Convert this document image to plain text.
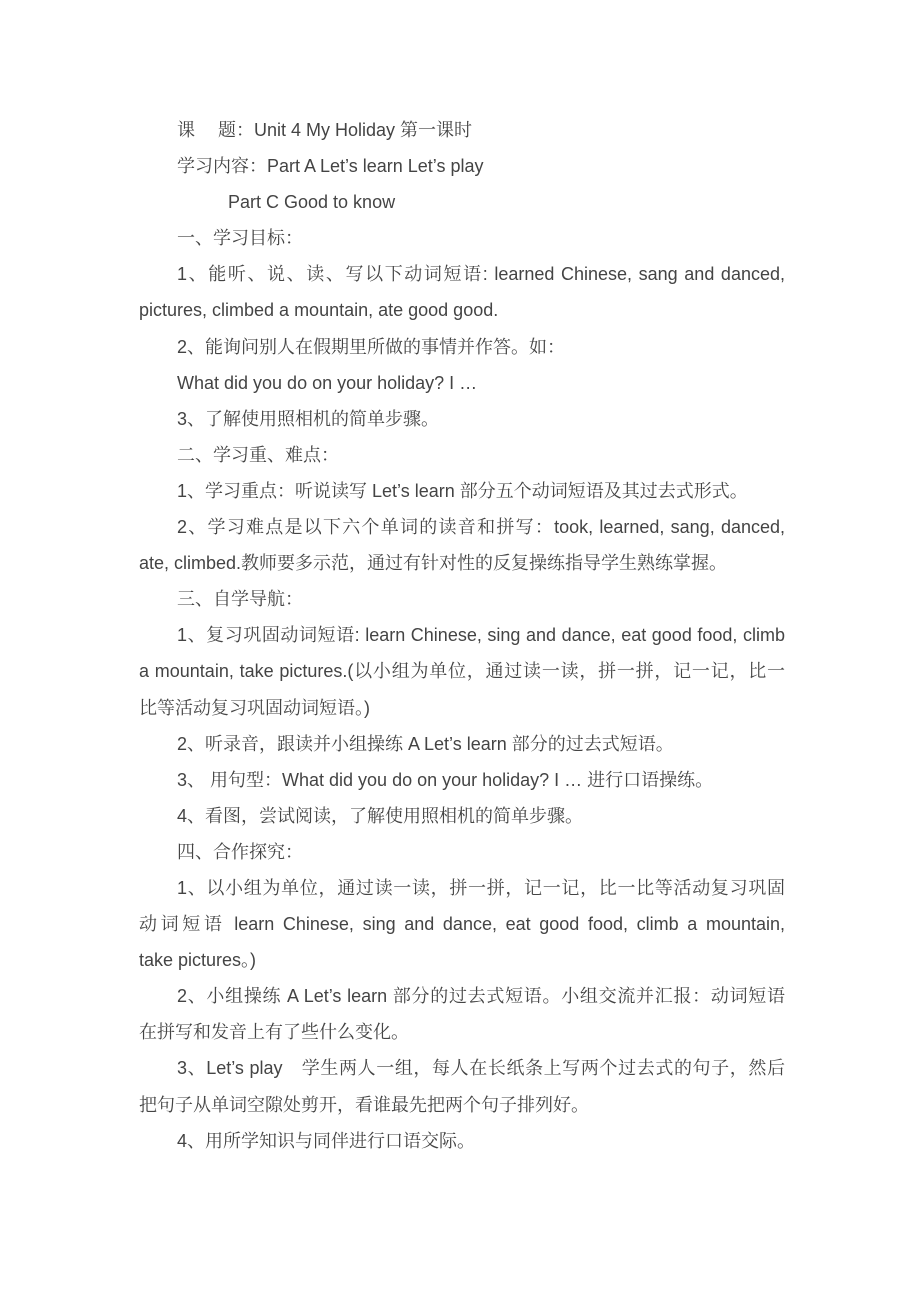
课　 题：Unit 4 My Holiday 第一课时
学习内容：Part A Let’s learn Let’s play
Part C Good to know
一、学习目标：
1、能听、说、读、写以下动词短语: learned Chinese, sang and danced,
pictures, climbed a mountain, ate good good.
2、能询问别人在假期里所做的事情并作答。如：
What did you do on your holiday? I …
3、了解使用照相机的简单步骤。
二、学习重、难点：
1、学习重点：听说读写 Let’s learn 部分五个动词短语及其过去式形式。
2、学习难点是以下六个单词的读音和拼写：took, learned, sang, danced,
ate, climbed.教师要多示范，通过有针对性的反复操练指导学生熟练掌握。
三、自学导航：
1、复习巩固动词短语: learn Chinese, sing and dance, eat good food, climb
a mountain, take pictures.(以小组为单位，通过读一读，拼一拼，记一记，比一
比等活动复习巩固动词短语。)
2、听录音，跟读并小组操练 A Let’s learn 部分的过去式短语。
3、 用句型：What did you do on your holiday? I … 进行口语操练。
4、看图，尝试阅读，了解使用照相机的简单步骤。
四、合作探究：
1、以小组为单位，通过读一读，拼一拼，记一记，比一比等活动复习巩固
动词短语 learn Chinese, sing and dance, eat good food, climb a mountain,
take pictures。)
2、小组操练 A Let’s learn 部分的过去式短语。小组交流并汇报：动词短语
在拼写和发音上有了些什么变化。
3、Let’s play　学生两人一组，每人在长纸条上写两个过去式的句子，然后
把句子从单词空隙处剪开，看谁最先把两个句子排列好。
4、用所学知识与同伴进行口语交际。
